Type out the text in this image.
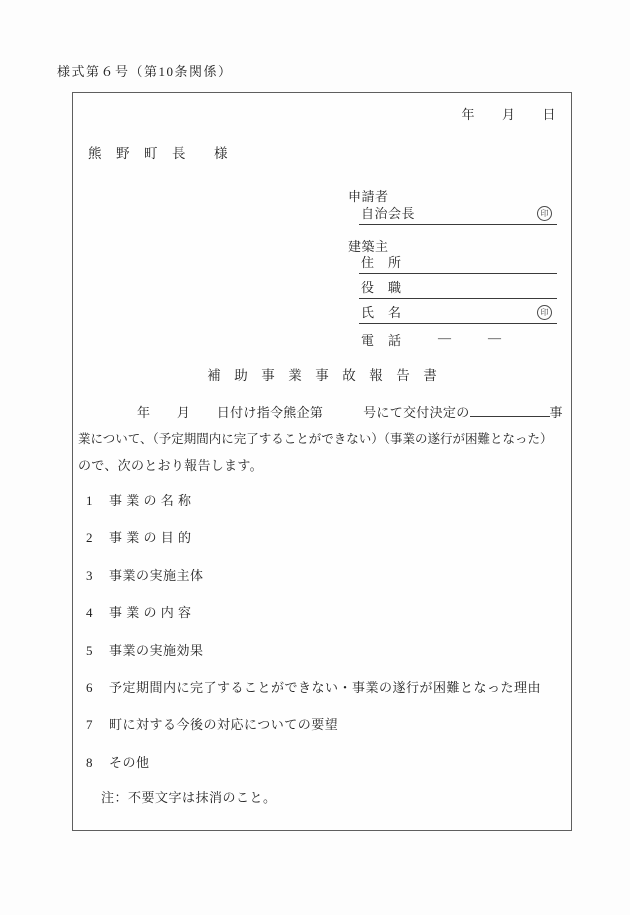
様式第６号（第10条関係）
年　　月　　日
熊　野　町　長　　様
申請者
自治会長	印
建築主
住　所
役　職
氏　名	印
電　話	―	―
補　助　事　業　事　故　報　告　書
年　　月　　日付け指令熊企第　　　号にて交付決定の	事
業について、（予定期間内に完了することができない）（事業の遂行が困難となった）
ので、次のとおり報告します。
1 事 業 の 名 称
2 事 業 の 目 的
3 事業の実施主体
4 事 業 の 内 容
5 事業の実施効果
6 予定期間内に完了することができない・事業の遂行が困難となった理由
7 町に対する今後の対応についての要望
8 その他
注：不要文字は抹消のこと。
